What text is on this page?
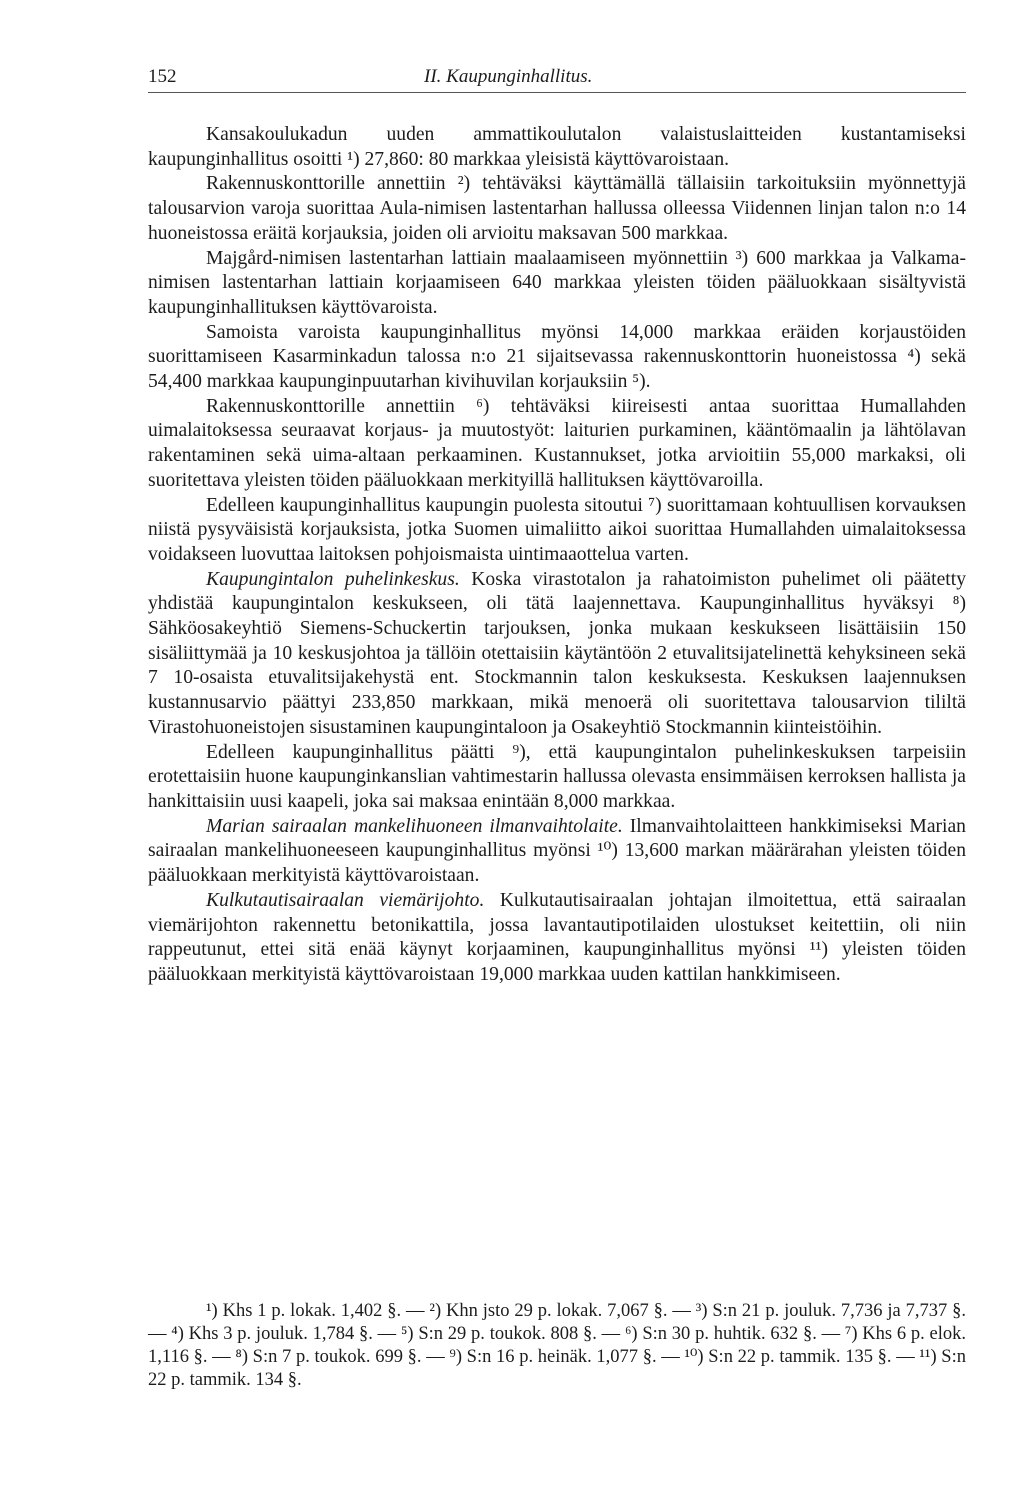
152	II. Kaupunginhallitus.

Kansakoulukadun uuden ammattikoulutalon valaistuslaitteiden kustantamiseksi kaupunginhallitus osoitti ¹) 27,860: 80 markkaa yleisistä käyttövaroistaan.

Rakennuskonttorille annettiin ²) tehtäväksi käyttämällä tällaisiin tarkoituksiin myönnettyjä talousarvion varoja suorittaa Aula-nimisen lastentarhan hallussa olleessa Viidennen linjan talon n:o 14 huoneistossa eräitä korjauksia, joiden oli arvioitu maksavan 500 markkaa.

Majgård-nimisen lastentarhan lattiain maalaamiseen myönnettiin ³) 600 markkaa ja Valkama-nimisen lastentarhan lattiain korjaamiseen 640 markkaa yleisten töiden pääluokkaan sisältyvistä kaupunginhallituksen käyttövaroista.

Samoista varoista kaupunginhallitus myönsi 14,000 markkaa eräiden korjaustöiden suorittamiseen Kasarminkadun talossa n:o 21 sijaitsevassa rakennuskonttorin huoneistossa ⁴) sekä 54,400 markkaa kaupunginpuutarhan kivihuvilan korjauksiin ⁵).

Rakennuskonttorille annettiin ⁶) tehtäväksi kiireisesti antaa suorittaa Humallahden uimalaitoksessa seuraavat korjaus- ja muutostyöt: laiturien purkaminen, kääntömaalin ja lähtölavan rakentaminen sekä uima-altaan perkaaminen. Kustannukset, jotka arvioitiin 55,000 markaksi, oli suoritettava yleisten töiden pääluokkaan merkityillä hallituksen käyttövaroilla.

Edelleen kaupunginhallitus kaupungin puolesta sitoutui ⁷) suorittamaan kohtuullisen korvauksen niistä pysyväisistä korjauksista, jotka Suomen uimaliitto aikoi suorittaa Humallahden uimalaitoksessa voidakseen luovuttaa laitoksen pohjoismaista uintimaaottelua varten.

Kaupungintalon puhelinkeskus. Koska virastotalon ja rahatoimiston puhelimet oli päätetty yhdistää kaupungintalon keskukseen, oli tätä laajennettava. Kaupunginhallitus hyväksyi ⁸) Sähköosakeyhtiö Siemens-Schuckertin tarjouksen, jonka mukaan keskukseen lisättäisiin 150 sisäliittymää ja 10 keskusjohtoa ja tällöin otettaisiin käytäntöön 2 etuvalitsijatelinettä kehyksineen sekä 7 10-osaista etuvalitsijakehystä ent. Stockmannin talon keskuksesta. Keskuksen laajennuksen kustannusarvio päättyi 233,850 markkaan, mikä menoerä oli suoritettava talousarvion tililtä Virastohuoneistojen sisustaminen kaupungintaloon ja Osakeyhtiö Stockmannin kiinteistöihin.

Edelleen kaupunginhallitus päätti ⁹), että kaupungintalon puhelinkeskuksen tarpeisiin erotettaisiin huone kaupunginkanslian vahtimestarin hallussa olevasta ensimmäisen kerroksen hallista ja hankittaisiin uusi kaapeli, joka sai maksaa enintään 8,000 markkaa.

Marian sairaalan mankelihuoneen ilmanvaihtolaite. Ilmanvaihtolaitteen hankkimiseksi Marian sairaalan mankelihuoneeseen kaupunginhallitus myönsi ¹⁰) 13,600 markan määrärahan yleisten töiden pääluokkaan merkityistä käyttövaroistaan.

Kulkutautisairaalan viemärijohto. Kulkutautisairaalan johtajan ilmoitettua, että sairaalan viemärijohton rakennettu betonikattila, jossa lavantautipotilaiden ulostukset keitettiin, oli niin rappeutunut, ettei sitä enää käynyt korjaaminen, kaupunginhallitus myönsi ¹¹) yleisten töiden pääluokkaan merkityistä käyttövaroistaan 19,000 markkaa uuden kattilan hankkimiseen.

¹) Khs 1 p. lokak. 1,402 §. — ²) Khn jsto 29 p. lokak. 7,067 §. — ³) S:n 21 p. jouluk. 7,736 ja 7,737 §. — ⁴) Khs 3 p. jouluk. 1,784 §. — ⁵) S:n 29 p. toukok. 808 §. — ⁶) S:n 30 p. huhtik. 632 §. — ⁷) Khs 6 p. elok. 1,116 §. — ⁸) S:n 7 p. toukok. 699 §. — ⁹) S:n 16 p. heinäk. 1,077 §. — ¹⁰) S:n 22 p. tammik. 135 §. — ¹¹) S:n 22 p. tammik. 134 §.
